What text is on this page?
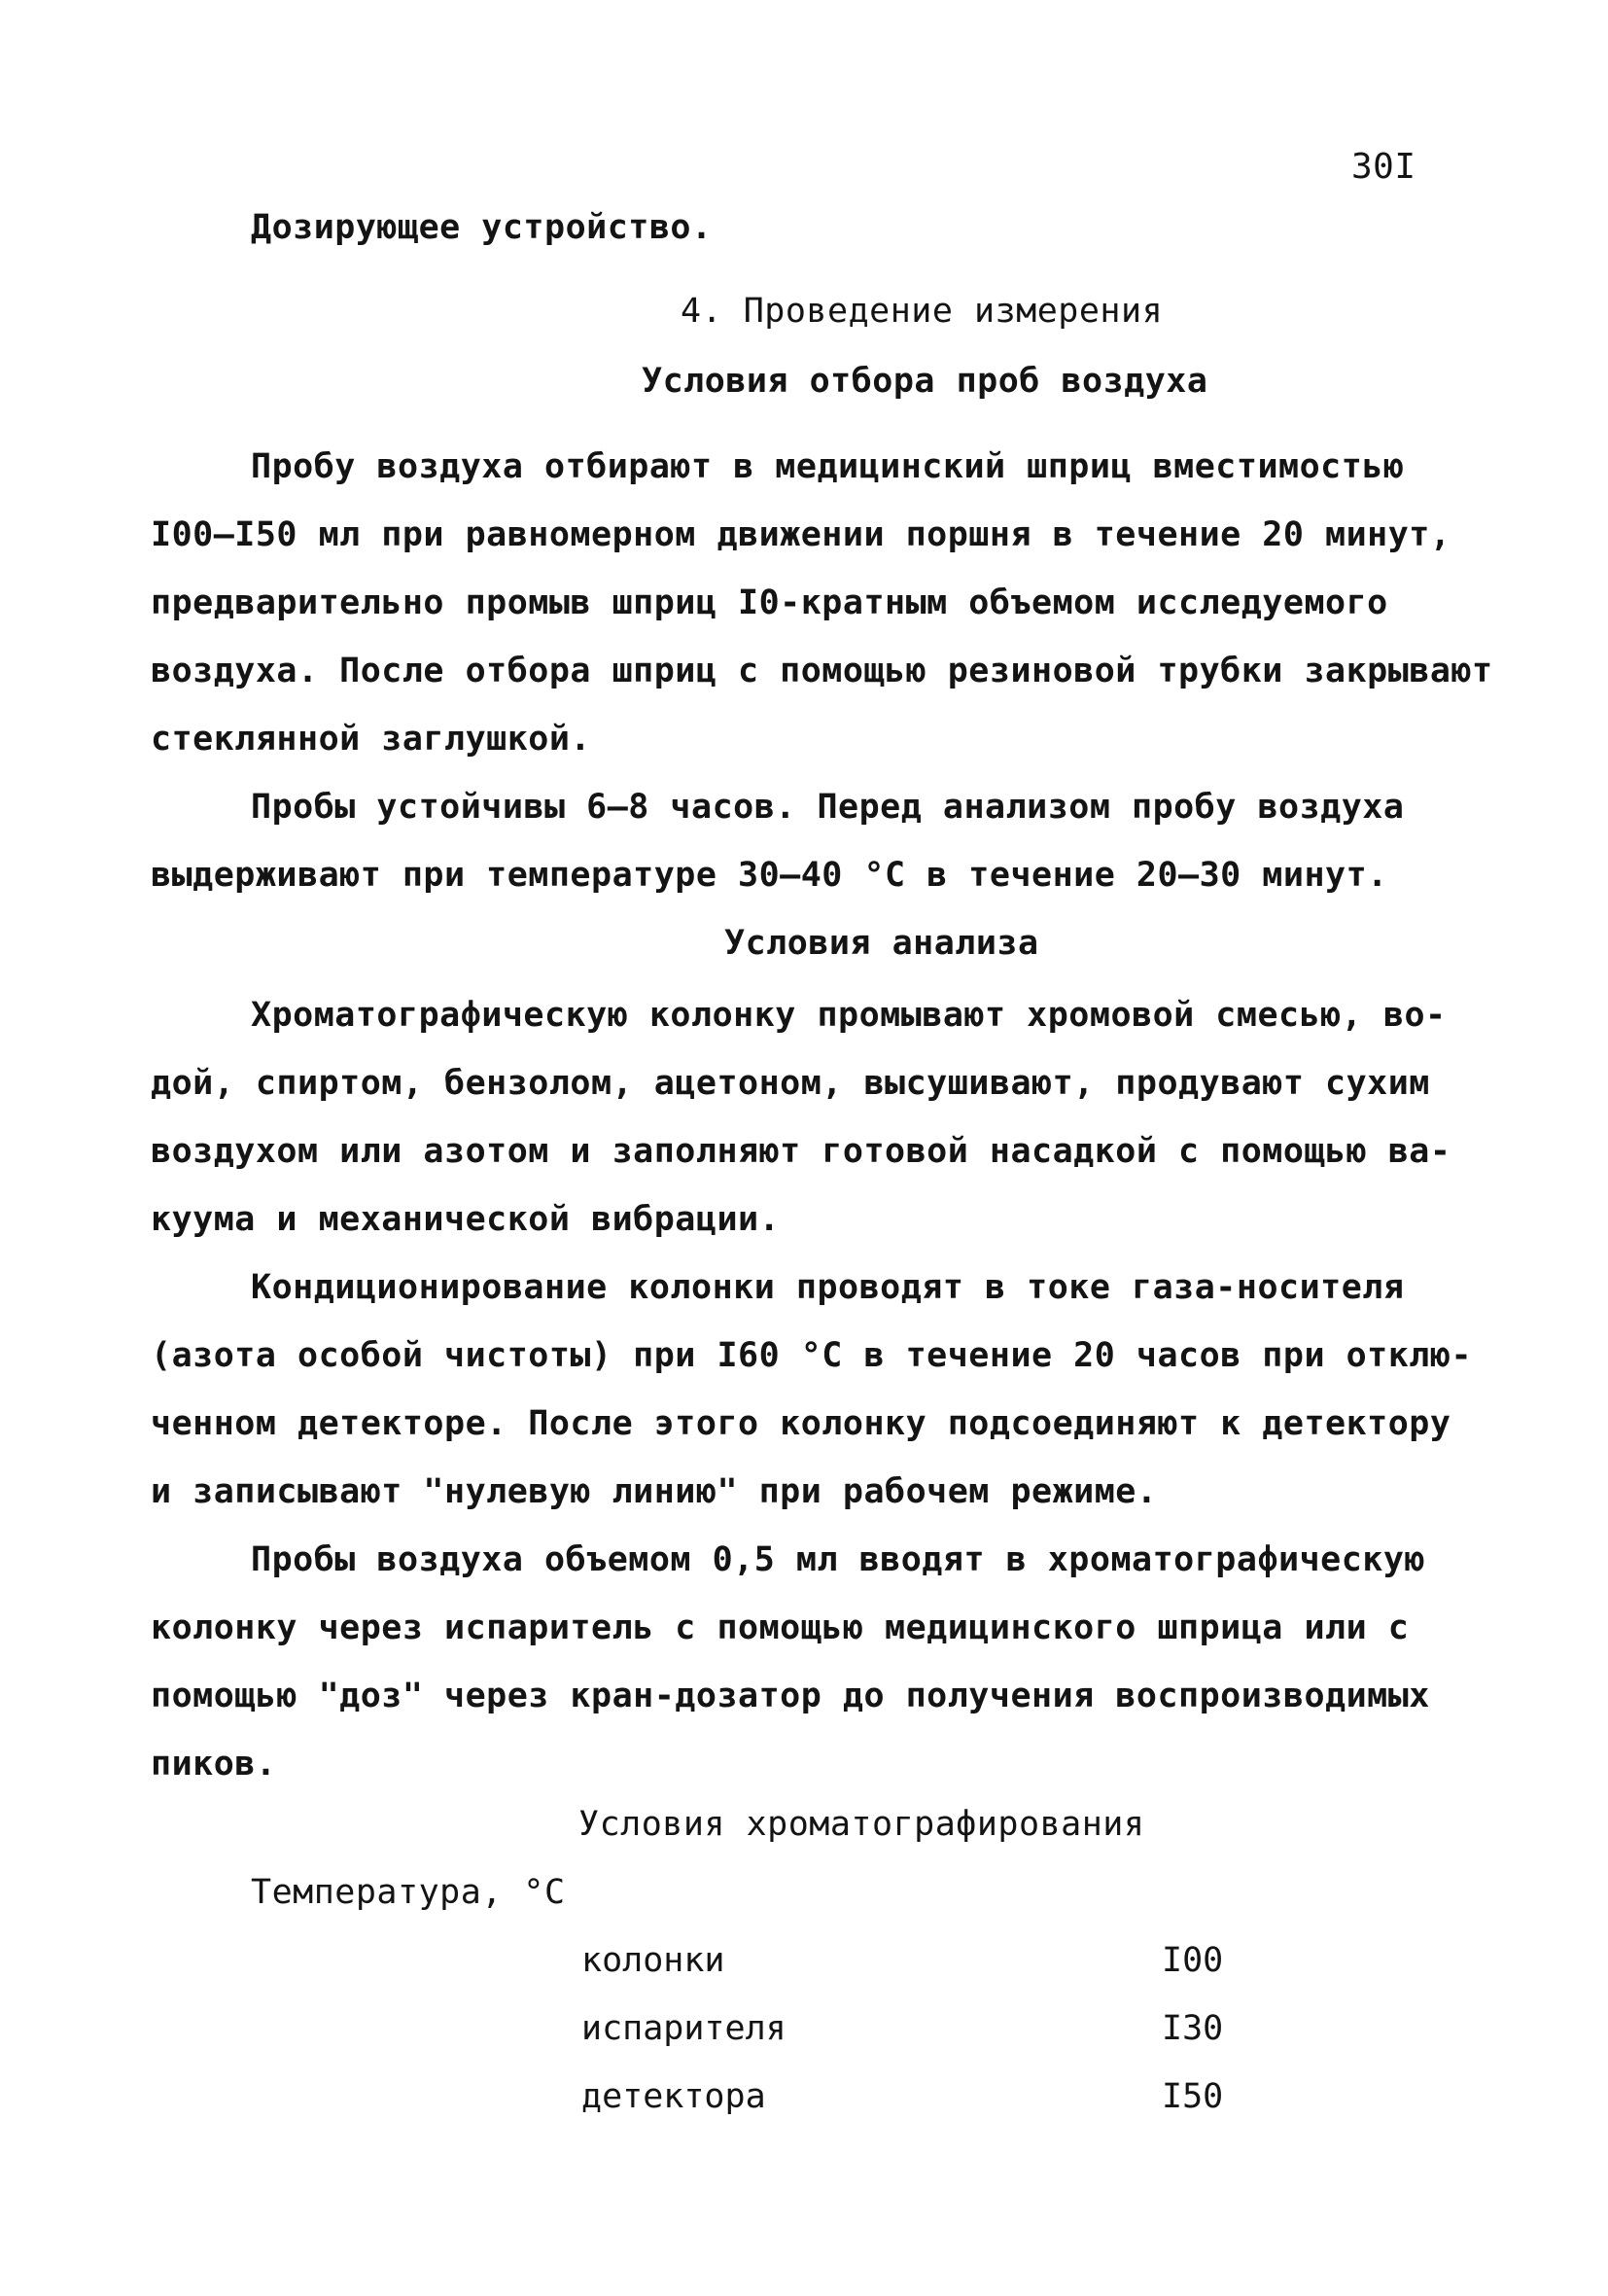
30I
Дозирующее устройство.
4. Проведение измерения
Условия отбора проб воздуха
Пробу воздуха отбирают в медицинский шприц вместимостью
I00–I50 мл при равномерном движении поршня в течение 20 минут,
предварительно промыв шприц I0-кратным объемом исследуемого
воздуха. После отбора шприц с помощью резиновой трубки закрывают
стеклянной заглушкой.
Пробы устойчивы 6–8 часов. Перед анализом пробу воздуха
выдерживают при температуре 30–40 °С в течение 20–30 минут.
Условия анализа
Хроматографическую колонку промывают хромовой смесью, во-
дой, спиртом, бензолом, ацетоном, высушивают, продувают сухим
воздухом или азотом и заполняют готовой насадкой с помощью ва-
куума и механической вибрации.
Кондиционирование колонки проводят в токе газа-носителя
(азота особой чистоты) при I60 °С в течение 20 часов при отклю-
ченном детекторе. После этого колонку подсоединяют к детектору
и записывают "нулевую линию" при рабочем режиме.
Пробы воздуха объемом 0,5 мл вводят в хроматографическую
колонку через испаритель с помощью медицинского шприца или с
помощью "доз" через кран-дозатор до получения воспроизводимых
пиков.
Условия хроматографирования
Температура, °С
колонки	I00
испарителя	I30
детектора	I50
